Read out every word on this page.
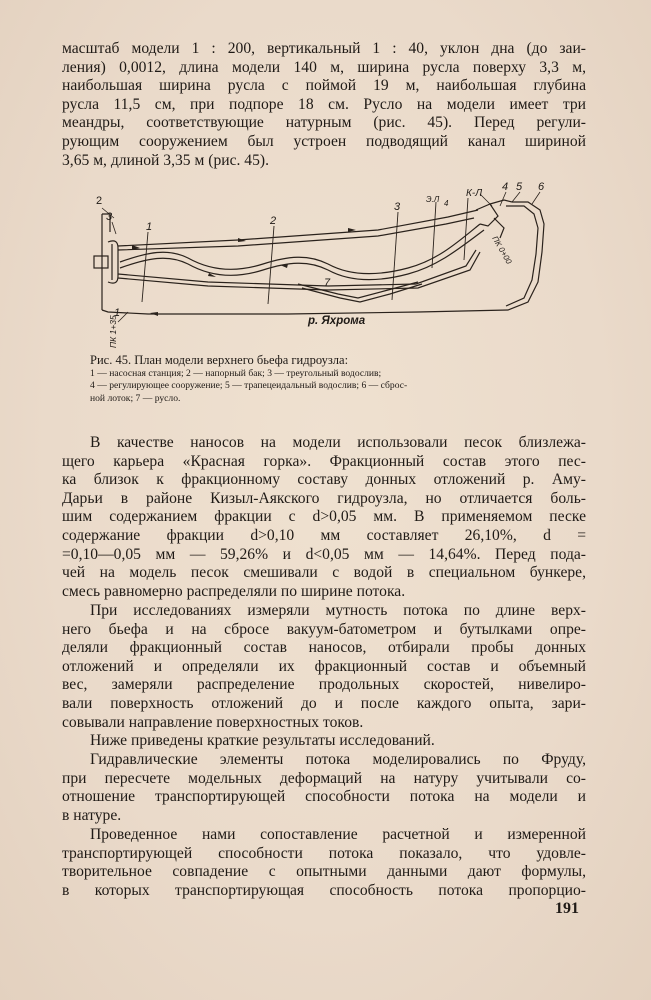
масштаб модели 1 : 200, вертикальный 1 : 40, уклон дна (до заи-
ления) 0,0012, длина модели 140 м, ширина русла поверху 3,3 м,
наибольшая ширина русла с поймой 19 м, наибольшая глубина
русла 11,5 см, при подпоре 18 см. Русло на модели имеет три
меандры, соответствующие натурным (рис. 45). Перед регули-
рующим сооружением был устроен подводящий канал шириной
3,65 м, длиной 3,35 м (рис. 45).
2
3
1
1	2
3
7
Э.Л
К-Л
4 5 6
4
р. Яхрома
ПК 1+35
ПК 0+00
Рис. 45. План модели верхнего бьефа гидроузла:
1 — насосная станция; 2 — напорный бак; 3 — треугольный водослив;
4 — регулирующее сооружение; 5 — трапецеидальный водослив; 6 — сброс-
ной лоток; 7 — русло.
В качестве наносов на модели использовали песок близлежа-
щего карьера «Красная горка». Фракционный состав этого пес-
ка близок к фракционному составу донных отложений р. Аму-
Дарьи в районе Кизыл-Аякского гидроузла, но отличается боль-
шим содержанием фракции с d>0,05 мм. В применяемом песке
содержание фракции d>0,10 мм составляет 26,10%, d =
=0,10—0,05 мм — 59,26% и d<0,05 мм — 14,64%. Перед пода-
чей на модель песок смешивали с водой в специальном бункере,
смесь равномерно распределяли по ширине потока.
При исследованиях измеряли мутность потока по длине верх-
него бьефа и на сбросе вакуум-батометром и бутылками опре-
деляли фракционный состав наносов, отбирали пробы донных
отложений и определяли их фракционный состав и объемный
вес, замеряли распределение продольных скоростей, нивелиро-
вали поверхность отложений до и после каждого опыта, зари-
совывали направление поверхностных токов.
Ниже приведены краткие результаты исследований.
Гидравлические элементы потока моделировались по Фруду,
при пересчете модельных деформаций на натуру учитывали со-
отношение транспортирующей способности потока на модели и
в натуре.
Проведенное нами сопоставление расчетной и измеренной
транспортирующей способности потока показало, что удовле-
творительное совпадение с опытными данными дают формулы,
в которых транспортирующая способность потока пропорцио-

191
